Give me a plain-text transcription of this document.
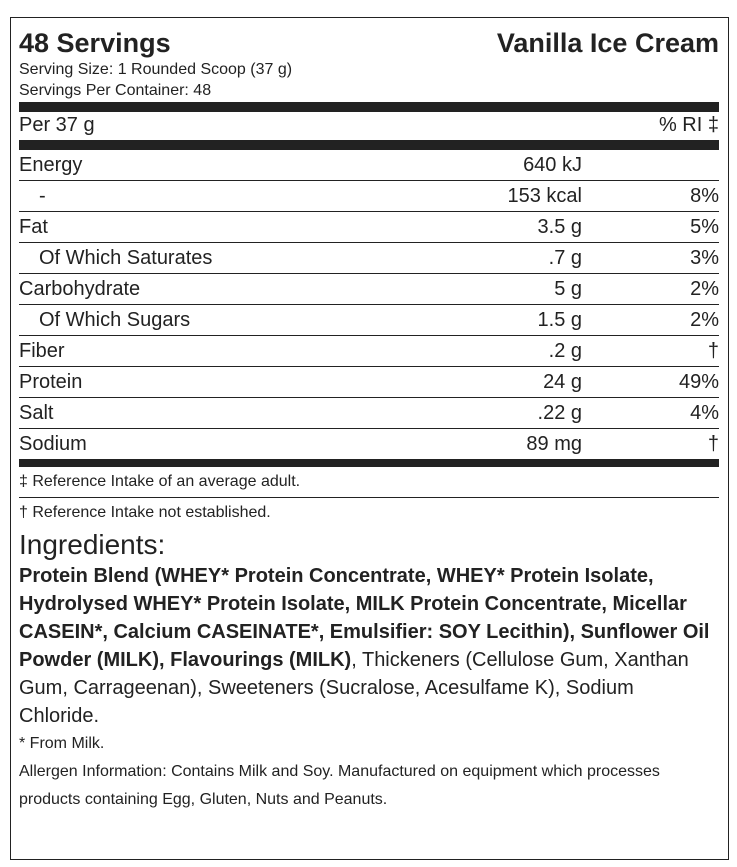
48 Servings	Vanilla Ice Cream
Serving Size: 1 Rounded Scoop (37 g)
Servings Per Container: 48
Per 37 g	% RI ‡
Energy	640 kJ
-	153 kcal	8%
Fat	3.5 g	5%
Of Which Saturates	.7 g	3%
Carbohydrate	5 g	2%
Of Which Sugars	1.5 g	2%
Fiber	.2 g	†
Protein	24 g	49%
Salt	.22 g	4%
Sodium	89 mg	†
‡ Reference Intake of an average adult.
† Reference Intake not established.
Ingredients:
Protein Blend (WHEY* Protein Concentrate, WHEY* Protein Isolate, Hydrolysed WHEY* Protein Isolate, MILK Protein Concentrate, Micellar CASEIN*, Calcium CASEINATE*, Emulsifier: SOY Lecithin), Sunflower Oil Powder (MILK), Flavourings (MILK), Thickeners (Cellulose Gum, Xanthan Gum, Carrageenan), Sweeteners (Sucralose, Acesulfame K), Sodium Chloride.
* From Milk.
Allergen Information: Contains Milk and Soy. Manufactured on equipment which processes products containing Egg, Gluten, Nuts and Peanuts.
